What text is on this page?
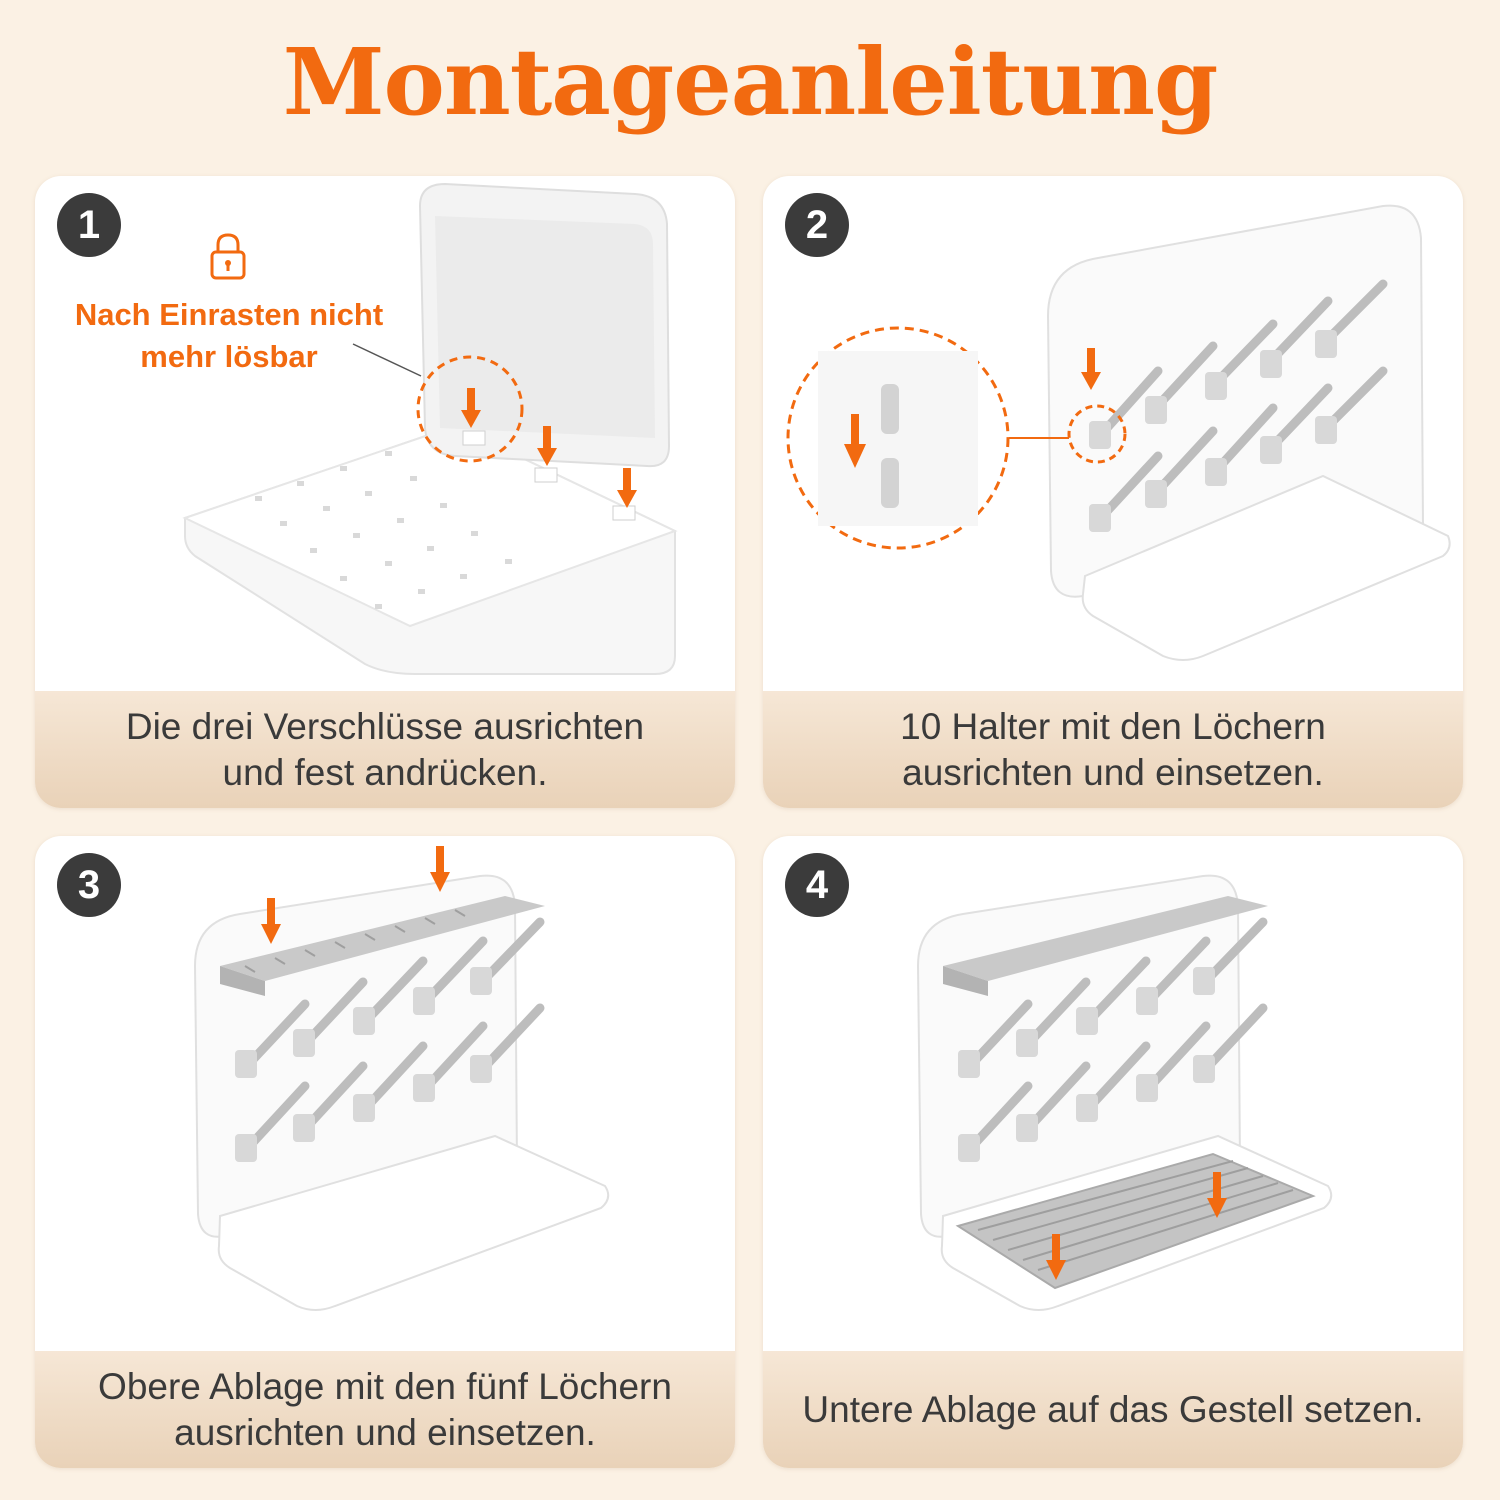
Montageanleitung
1
Nach Einrasten nicht
mehr lösbar
Die drei Verschlüsse ausrichten
und fest andrücken.
2
10 Halter mit den Löchern
ausrichten und einsetzen.
3
Obere Ablage mit den fünf Löchern
ausrichten und einsetzen.
4
Untere Ablage auf das Gestell setzen.
